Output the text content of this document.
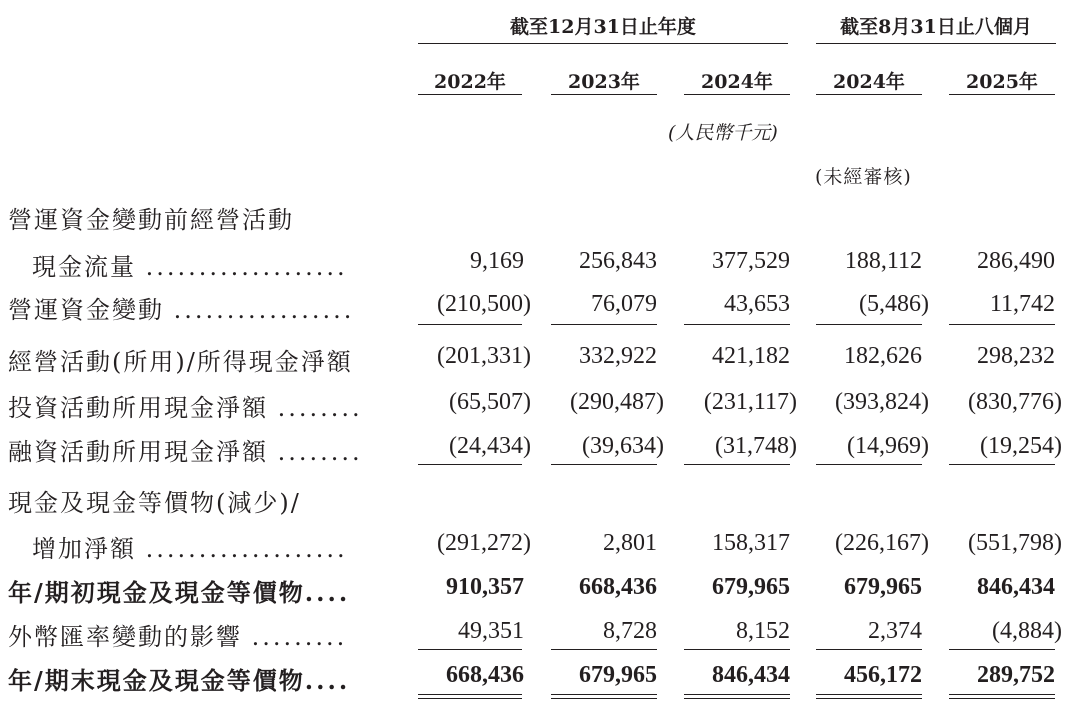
截至12月31日止年度	截至8月31日止八個月
2022年	2023年	2024年	2024年	2025年
(人民幣千元)
(未經審核)
營運資金變動前經營活動
現金流量 ...................	9,169	256,843	377,529	188,112	286,490
營運資金變動 .................	(210,500)	76,079	43,653	(5,486)	11,742
經營活動(所用)/所得現金淨額	(201,331)	332,922	421,182	182,626	298,232
投資活動所用現金淨額 ........	(65,507)	(290,487)	(231,117)	(393,824)	(830,776)
融資活動所用現金淨額 ........	(24,434)	(39,634)	(31,748)	(14,969)	(19,254)
現金及現金等價物(減少)/
增加淨額 ...................	(291,272)	2,801	158,317	(226,167)	(551,798)
年/期初現金及現金等價物....	910,357	668,436	679,965	679,965	846,434
外幣匯率變動的影響 .........	49,351	8,728	8,152	2,374	(4,884)
年/期末現金及現金等價物....	668,436	679,965	846,434	456,172	289,752
